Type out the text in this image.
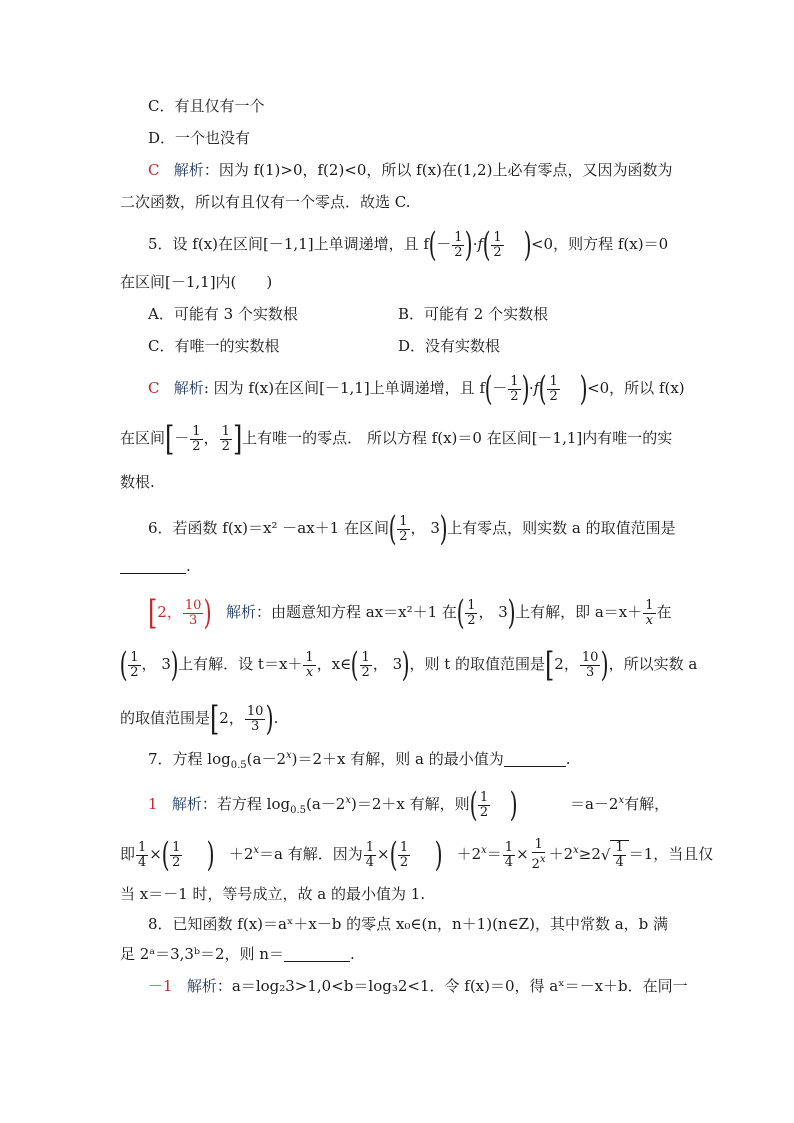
C．有且仅有一个
D．一个也没有
C 解析：因为 f(1)>0，f(2)<0，所以 f(x)在(1,2)上必有零点，又因为函数为
二次函数，所以有且仅有一个零点．故选 C.
5．设 f(x)在区间[－1,1]上单调递增，且 $f(- \frac{1}{2} )\cdot f( \frac{1}{2} )<0$，则方程 f(x)＝0
在区间[－1,1]内(　　)
A．可能有 3 个实数根	B．可能有 2 个实数根
C．有唯一的实数根	D．没有实数根
C 解析: 因为 f(x)在区间[－1,1]上单调递增，且 $f(- \frac{1}{2} )\cdot f( \frac{1}{2} )<0$，所以 f(x)
在区间[－ $\frac{1}{2}$ ， $\frac{1}{2}$ ]上有唯一的零点． 所以方程 f(x)＝0 在区间[－1,1]内有唯一的实
数根.
6．若函数 f(x)＝x² －ax＋1 在区间( $\frac{1}{2}$ ， 3)上有零点，则实数 a 的取值范围是
.
[2， $\frac{10}{3}$ ) 解析：由题意知方程 ax＝x²＋1 在( $\frac{1}{2}$ ， 3)上有解，即 $a=x+ \frac{1}{x}$ 在
( $\frac{1}{2}$ ， 3)上有解．设 $t=x+ \frac{1}{x}$ ，x∈( $\frac{1}{2}$ ， 3)，则 t 的取值范围是[2， $\frac{10}{3}$ )，所以实数 a
的取值范围是[2， $\frac{10}{3}$ ).
7．方程 $\log_{0.5}(a-2^x)=2+x$ 有解，则 a 的最小值为	.
1 解析：若方程 $\log_{0.5}(a-2^x)=2+x$ 有解，则( $\frac{1}{2}$ )	$=a-2^x$有解，
即 $\frac{1}{4}$ ×( $\frac{1}{2}$ ) $+2^x=a$ 有解．因为 $\frac{1}{4}$ ×( $\frac{1}{2}$ ) $+2^x= \frac{1}{4} \times \frac{1}{2^x} +2^x\ge 2$ √ $\frac{1}{4} =1$，当且仅
当 x＝－1 时，等号成立，故 a 的最小值为 1.
8．已知函数 f(x)＝aˣ＋x－b 的零点 x₀∈(n，n＋1)(n∈Z)，其中常数 a，b 满
足 2ᵃ＝3,3ᵇ＝2，则 n＝	.
－1 解析：a＝log₂3>1,0<b＝log₃2<1．令 f(x)＝0，得 aˣ＝－x＋b．在同一
